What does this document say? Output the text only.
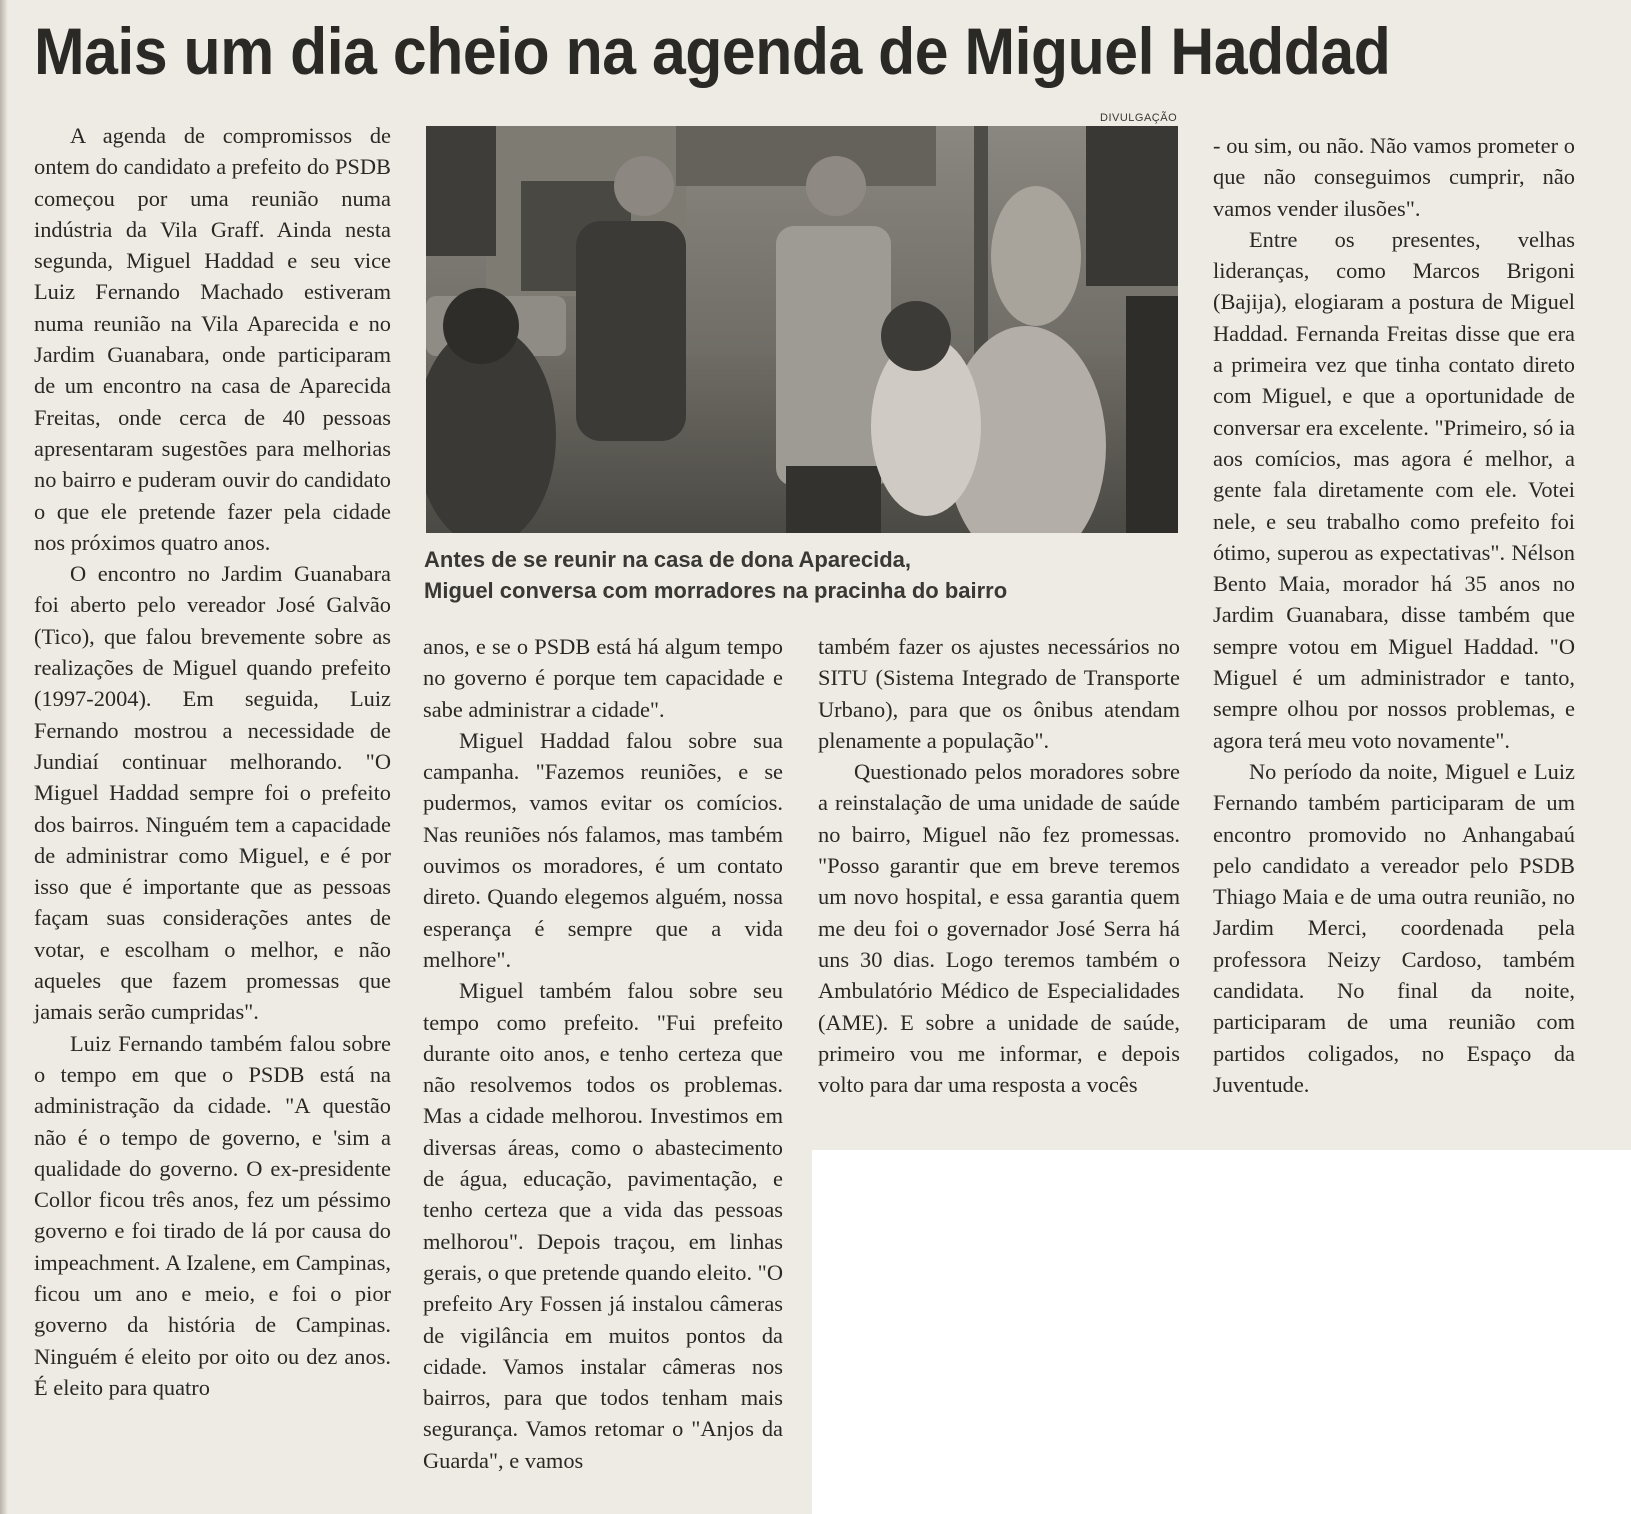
Mais um dia cheio na agenda de Miguel Haddad

A agenda de compromissos de ontem do candidato a prefeito do PSDB começou por uma reunião numa indústria da Vila Graff. Ainda nesta segunda, Miguel Haddad e seu vice Luiz Fernando Machado estiveram numa reunião na Vila Aparecida e no Jardim Guanabara, onde participaram de um encontro na casa de Aparecida Freitas, onde cerca de 40 pessoas apresentaram sugestões para melhorias no bairro e puderam ouvir do candidato o que ele pretende fazer pela cidade nos próximos quatro anos.

O encontro no Jardim Guanabara foi aberto pelo vereador José Galvão (Tico), que falou brevemente sobre as realizações de Miguel quando prefeito (1997-2004). Em seguida, Luiz Fernando mostrou a necessidade de Jundiaí continuar melhorando. "O Miguel Haddad sempre foi o prefeito dos bairros. Ninguém tem a capacidade de administrar como Miguel, e é por isso que é importante que as pessoas façam suas considerações antes de votar, e escolham o melhor, e não aqueles que fazem promessas que jamais serão cumpridas".

Luiz Fernando também falou sobre o tempo em que o PSDB está na administração da cidade. "A questão não é o tempo de governo, e 'sim a qualidade do governo. O ex-presidente Collor ficou três anos, fez um péssimo governo e foi tirado de lá por causa do impeachment. A Izalene, em Campinas, ficou um ano e meio, e foi o pior governo da história de Campinas. Ninguém é eleito por oito ou dez anos. É eleito para quatro

DIVULGAÇÃO
Antes de se reunir na casa de dona Aparecida,
Miguel conversa com morradores na pracinha do bairro

anos, e se o PSDB está há algum tempo no governo é porque tem capacidade e sabe administrar a cidade".

Miguel Haddad falou sobre sua campanha. "Fazemos reuniões, e se pudermos, vamos evitar os comícios. Nas reuniões nós falamos, mas também ouvimos os moradores, é um contato direto. Quando elegemos alguém, nossa esperança é sempre que a vida melhore".

Miguel também falou sobre seu tempo como prefeito. "Fui prefeito durante oito anos, e tenho certeza que não resolvemos todos os problemas. Mas a cidade melhorou. Investimos em diversas áreas, como o abastecimento de água, educação, pavimentação, e tenho certeza que a vida das pessoas melhorou". Depois traçou, em linhas gerais, o que pretende quando eleito. "O prefeito Ary Fossen já instalou câmeras de vigilância em muitos pontos da cidade. Vamos instalar câmeras nos bairros, para que todos tenham mais segurança. Vamos retomar o "Anjos da Guarda", e vamos

também fazer os ajustes necessários no SITU (Sistema Integrado de Transporte Urbano), para que os ônibus atendam plenamente a população".

Questionado pelos moradores sobre a reinstalação de uma unidade de saúde no bairro, Miguel não fez promessas. "Posso garantir que em breve teremos um novo hospital, e essa garantia quem me deu foi o governador José Serra há uns 30 dias. Logo teremos também o Ambulatório Médico de Especialidades (AME). E sobre a unidade de saúde, primeiro vou me informar, e depois volto para dar uma resposta a vocês

- ou sim, ou não. Não vamos prometer o que não conseguimos cumprir, não vamos vender ilusões".

Entre os presentes, velhas lideranças, como Marcos Brigoni (Bajija), elogiaram a postura de Miguel Haddad. Fernanda Freitas disse que era a primeira vez que tinha contato direto com Miguel, e que a oportunidade de conversar era excelente. "Primeiro, só ia aos comícios, mas agora é melhor, a gente fala diretamente com ele. Votei nele, e seu trabalho como prefeito foi ótimo, superou as expectativas". Nélson Bento Maia, morador há 35 anos no Jardim Guanabara, disse também que sempre votou em Miguel Haddad. "O Miguel é um administrador e tanto, sempre olhou por nossos problemas, e agora terá meu voto novamente".

No período da noite, Miguel e Luiz Fernando também participaram de um encontro promovido no Anhangabaú pelo candidato a vereador pelo PSDB Thiago Maia e de uma outra reunião, no Jardim Merci, coordenada pela professora Neizy Cardoso, também candidata. No final da noite, participaram de uma reunião com partidos coligados, no Espaço da Juventude.
